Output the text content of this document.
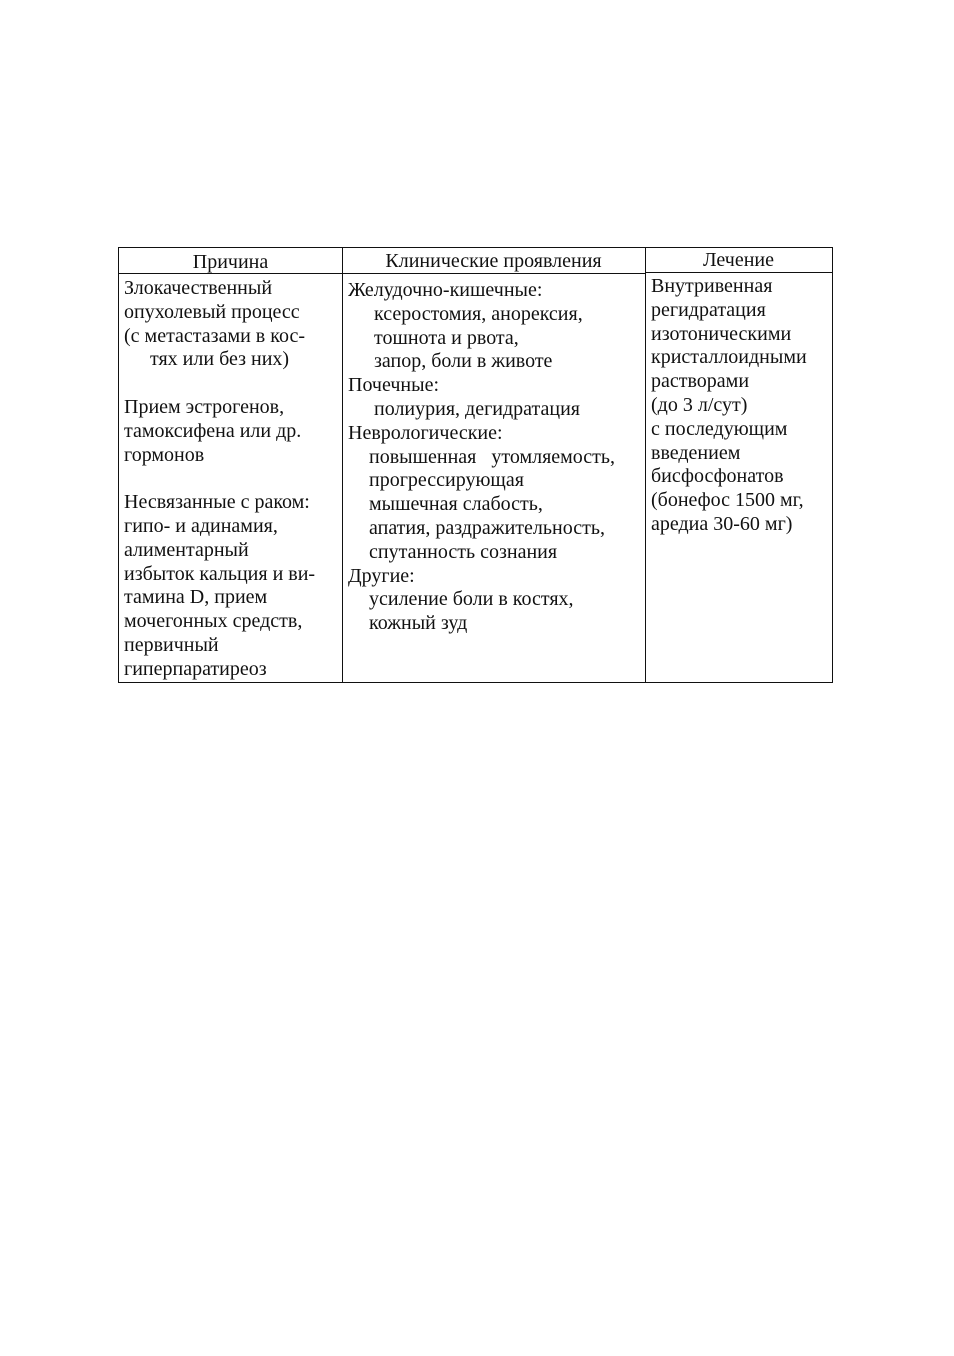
Причина	Клинические проявления	Лечение
Злокачественный
опухолевый процесс
(с метастазами в кос-
тях или без них)
Прием эстрогенов,
тамоксифена или др.
гормонов
Несвязанные с раком:
гипо- и адинамия,
алиментарный
избыток кальция и ви-
тамина D, прием
мочегонных средств,
первичный
гиперпаратиреоз
Желудочно-кишечные:
ксеростомия, анорексия,
тошнота и рвота,
запор, боли в животе
Почечные:
полиурия, дегидратация
Неврологические:
повышенная   утомляемость,
прогрессирующая
мышечная слабость,
апатия, раздражительность,
спутанность сознания
Другие:
усиление боли в костях,
кожный зуд
Внутривенная
регидратация
изотоническими
кристаллоидными
растворами
(до 3 л/сут)
с последующим
введением
бисфосфонатов
(бонефос 1500 мг,
аредиа 30-60 мг)
